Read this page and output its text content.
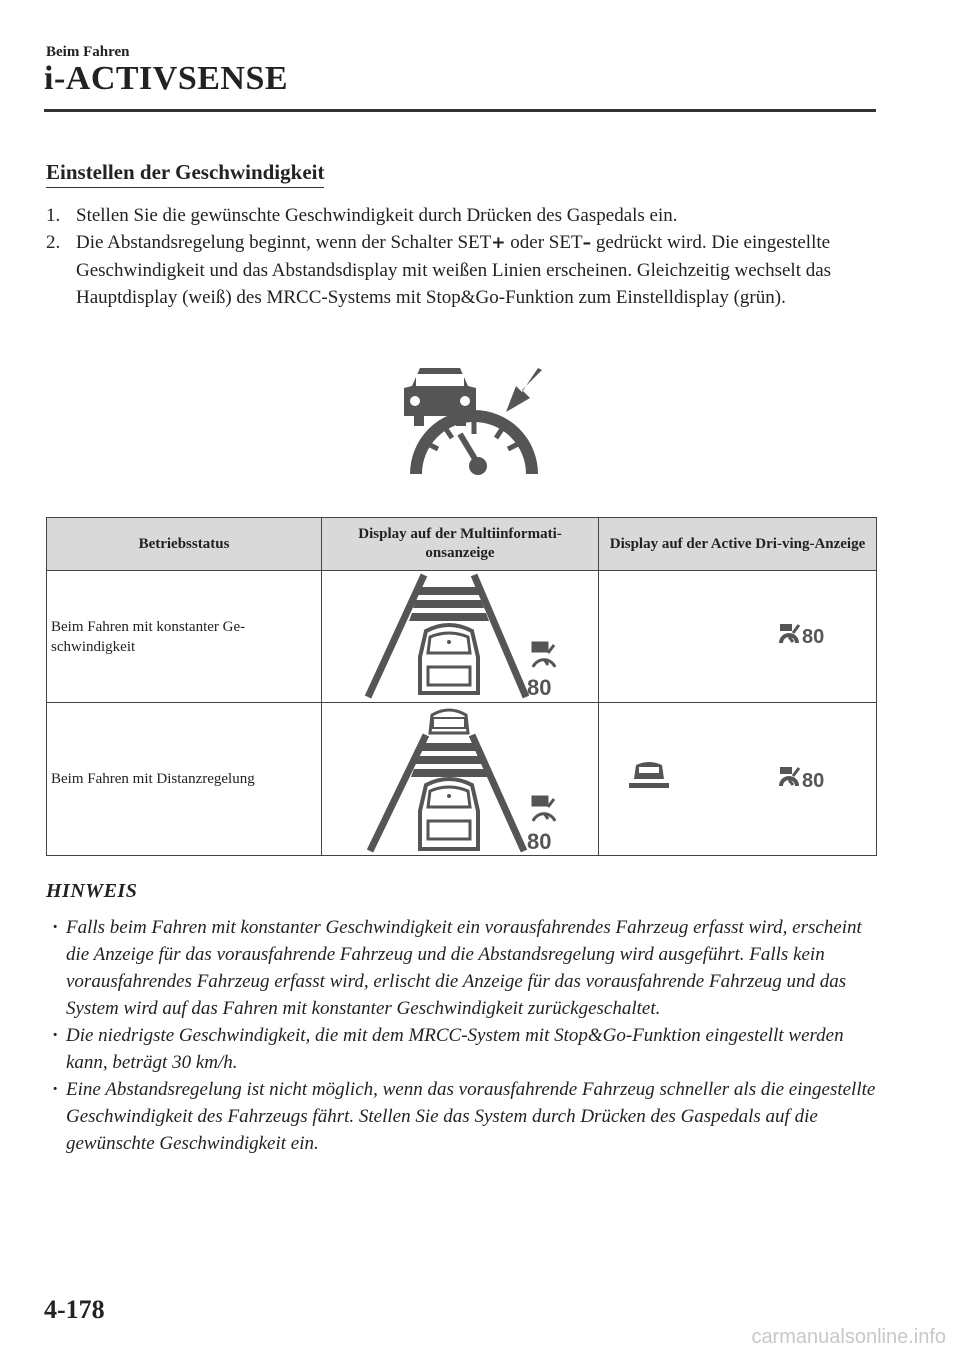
Beim Fahren
i-ACTIVSENSE
Einstellen der Geschwindigkeit
1. Stellen Sie die gewünschte Geschwindigkeit durch Drücken des Gaspedals ein.
2. Die Abstandsregelung beginnt, wenn der Schalter SET+ oder SET– gedrückt wird. Die eingestellte Geschwindigkeit und das Abstandsdisplay mit weißen Linien erscheinen. Gleichzeitig wechselt das Hauptdisplay (weiß) des MRCC-Systems mit Stop&Go-Funktion zum Einstelldisplay (grün).
Betriebsstatus	Display auf der Multiinformati-onsanzeige	Display auf der Active Dri-ving-Anzeige
Beim Fahren mit konstanter Ge-schwindigkeit	80	80

Beim Fahren mit Distanzregelung	80	80
HINWEIS
· Falls beim Fahren mit konstanter Geschwindigkeit ein vorausfahrendes Fahrzeug erfasst wird, erscheint die Anzeige für das vorausfahrende Fahrzeug und die Abstandsregelung wird ausgeführt. Falls kein vorausfahrendes Fahrzeug erfasst wird, erlischt die Anzeige für das vorausfahrende Fahrzeug und das System wird auf das Fahren mit konstanter Geschwindigkeit zurückgeschaltet.
· Die niedrigste Geschwindigkeit, die mit dem MRCC-System mit Stop&Go-Funktion eingestellt werden kann, beträgt 30 km/h.
· Eine Abstandsregelung ist nicht möglich, wenn das vorausfahrende Fahrzeug schneller als die eingestellte Geschwindigkeit des Fahrzeugs fährt. Stellen Sie das System durch Drücken des Gaspedals auf die gewünschte Geschwindigkeit ein.
4-178
carmanualsonline.info
